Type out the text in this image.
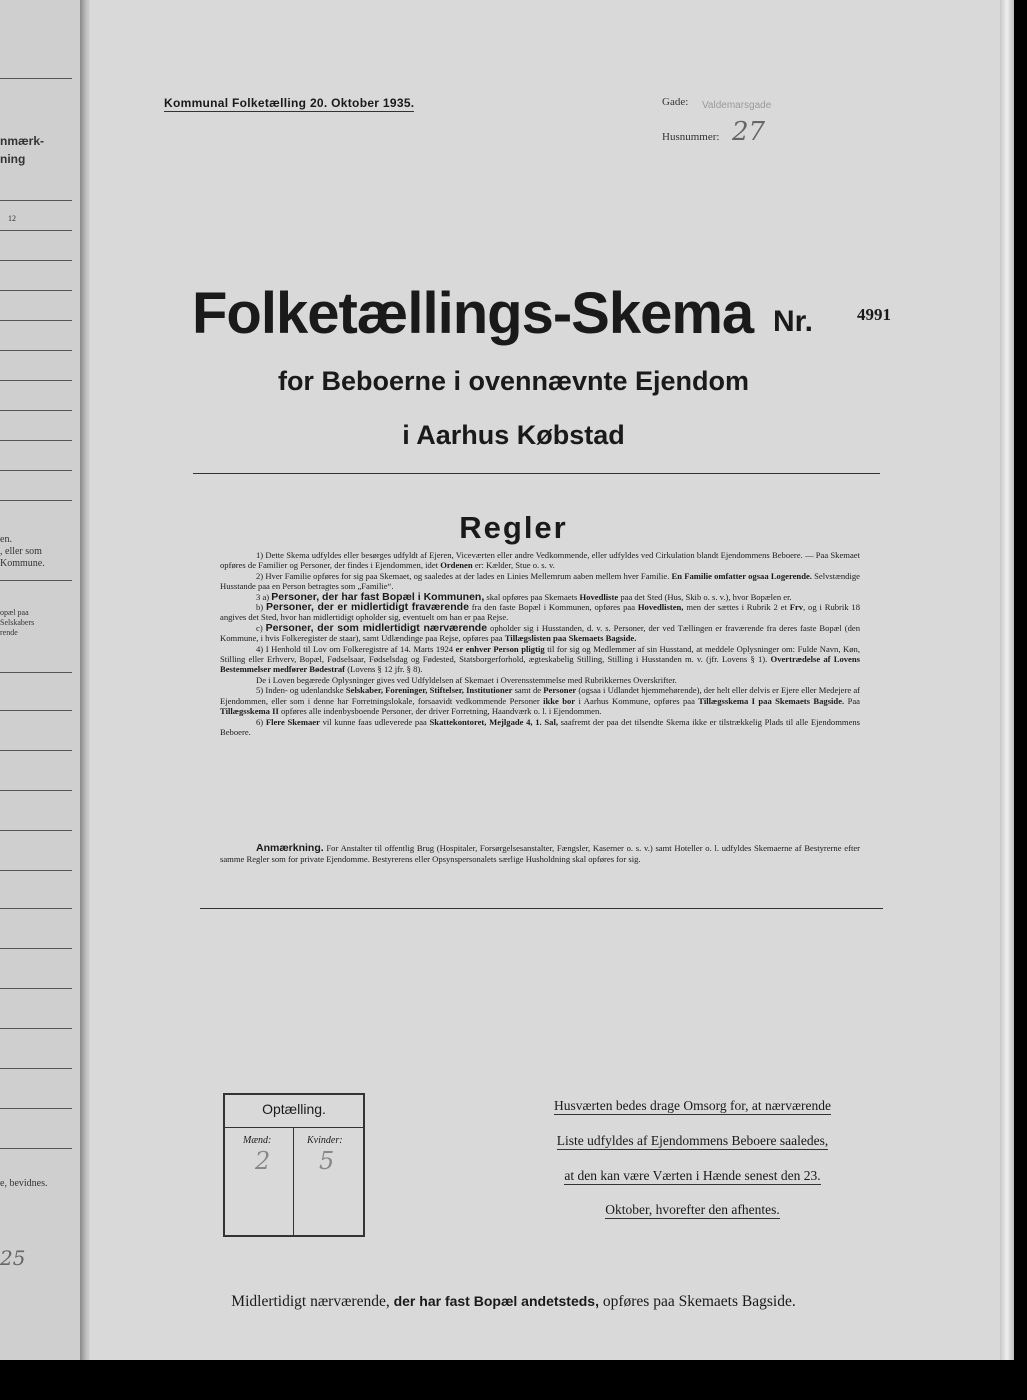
nmærk-
ning
12
en.
, eller som
Kommune.
opæl paa
Selskabers
rende
e, bevidnes.
25
Kommunal Folketælling 20. Oktober 1935.	Gade: Valdemarsgade
Husnummer: 27
Folketællings-Skema Nr.	4991
for Beboerne i ovennævnte Ejendom
i Aarhus Købstad
Regler

1) Dette Skema udfyldes eller besørges udfyldt af Ejeren, Viceværten eller andre Vedkommende, eller udfyldes ved Cirkulation blandt Ejendommens Beboere. — Paa Skemaet opføres de Familier og Personer, der findes i Ejendommen, idet Ordenen er: Kælder, Stue o. s. v.

2) Hver Familie opføres for sig paa Skemaet, og saaledes at der lades en Linies Mellemrum aaben mellem hver Familie. En Familie omfatter ogsaa Logerende. Selvstændige Husstande paa en Person betragtes som „Familie“.

3 a) Personer, der har fast Bopæl i Kommunen, skal opføres paa Skemaets Hovedliste paa det Sted (Hus, Skib o. s. v.), hvor Bopælen er.

b) Personer, der er midlertidigt fraværende fra den faste Bopæl i Kommunen, opføres paa Hovedlisten, men der sættes i Rubrik 2 et Frv, og i Rubrik 18 angives det Sted, hvor han midlertidigt opholder sig, eventuelt om han er paa Rejse.

c) Personer, der som midlertidigt nærværende opholder sig i Husstanden, d. v. s. Personer, der ved Tællingen er fraværende fra deres faste Bopæl (den Kommune, i hvis Folkeregister de staar), samt Udlændinge paa Rejse, opføres paa Tillægslisten paa Skemaets Bagside.

4) I Henhold til Lov om Folkeregistre af 14. Marts 1924 er enhver Person pligtig til for sig og Medlemmer af sin Husstand, at meddele Oplysninger om: Fulde Navn, Køn, Stilling eller Erhverv, Bopæl, Fødselsaar, Fødselsdag og Fødested, Statsborgerforhold, ægteskabelig Stilling, Stilling i Husstanden m. v. (jfr. Lovens § 1). Overtrædelse af Lovens Bestemmelser medfører Bødestraf (Lovens § 12 jfr. § 8).

De i Loven begærede Oplysninger gives ved Udfyldelsen af Skemaet i Overensstemmelse med Rubrikkernes Overskrifter.

5) Inden- og udenlandske Selskaber, Foreninger, Stiftelser, Institutioner samt de Personer (ogsaa i Udlandet hjemmehørende), der helt eller delvis er Ejere eller Medejere af Ejendommen, eller som i denne har Forretningslokale, forsaavidt vedkommende Personer ikke bor i Aarhus Kommune, opføres paa Tillægsskema I paa Skemaets Bagside. Paa Tillægsskema II opføres alle indenbysboende Personer, der driver Forretning, Haandværk o. l. i Ejendommen.

6) Flere Skemaer vil kunne faas udleverede paa Skattekontoret, Mejlgade 4, 1. Sal, saafremt der paa det tilsendte Skema ikke er tilstrækkelig Plads til alle Ejendommens Beboere.

Anmærkning. For Anstalter til offentlig Brug (Hospitaler, Forsørgelsesanstalter, Fængsler, Kaserner o. s. v.) samt Hoteller o. l. udfyldes Skemaerne af Bestyrerne efter samme Regler som for private Ejendomme. Bestyrerens eller Opsynspersonalets særlige Husholdning skal opføres for sig.

Optælling.
Mænd:	Kvinder:
2 5
Husværten bedes drage Omsorg for, at nærværende
Liste udfyldes af Ejendommens Beboere saaledes,
at den kan være Værten i Hænde senest den 23.
Oktober, hvorefter den afhentes.
Midlertidigt nærværende, der har fast Bopæl andetsteds, opføres paa Skemaets Bagside.
